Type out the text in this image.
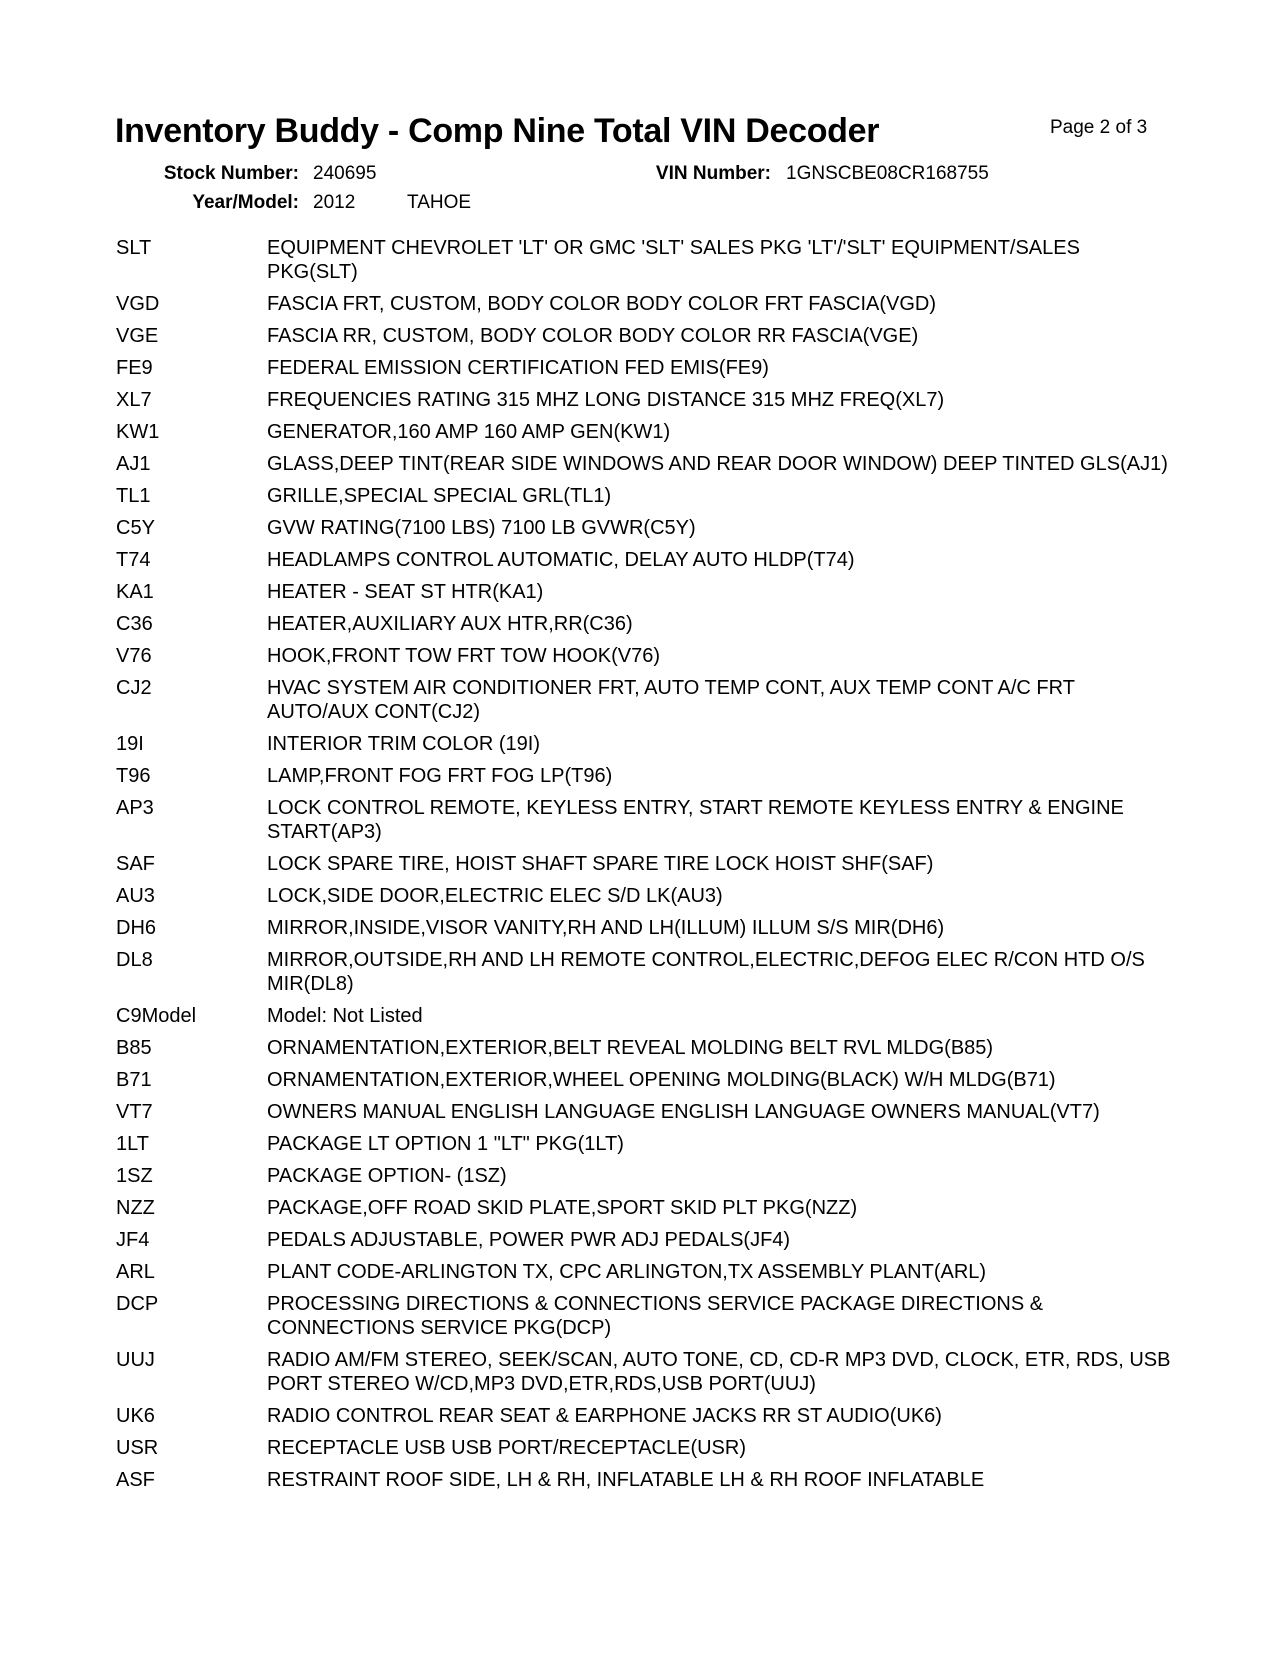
Inventory Buddy - Comp Nine Total VIN Decoder	Page 2 of 3
Stock Number: 240695	VIN Number: 1GNSCBE08CR168755
Year/Model: 2012	TAHOE
SLT	EQUIPMENT CHEVROLET 'LT' OR GMC 'SLT' SALES PKG 'LT'/'SLT' EQUIPMENT/SALES PKG(SLT)
VGD	FASCIA FRT, CUSTOM, BODY COLOR BODY COLOR FRT FASCIA(VGD)
VGE	FASCIA RR, CUSTOM, BODY COLOR BODY COLOR RR FASCIA(VGE)
FE9	FEDERAL EMISSION CERTIFICATION FED EMIS(FE9)
XL7	FREQUENCIES RATING 315 MHZ LONG DISTANCE 315 MHZ FREQ(XL7)
KW1	GENERATOR,160 AMP 160 AMP GEN(KW1)
AJ1	GLASS,DEEP TINT(REAR SIDE WINDOWS AND REAR DOOR WINDOW) DEEP TINTED GLS(AJ1)
TL1	GRILLE,SPECIAL SPECIAL GRL(TL1)
C5Y	GVW RATING(7100 LBS) 7100 LB GVWR(C5Y)
T74	HEADLAMPS CONTROL AUTOMATIC, DELAY AUTO HLDP(T74)
KA1	HEATER - SEAT ST HTR(KA1)
C36	HEATER,AUXILIARY AUX HTR,RR(C36)
V76	HOOK,FRONT TOW FRT TOW HOOK(V76)
CJ2	HVAC SYSTEM AIR CONDITIONER FRT, AUTO TEMP CONT, AUX TEMP CONT A/C FRT AUTO/AUX CONT(CJ2)
19I	INTERIOR TRIM COLOR (19I)
T96	LAMP,FRONT FOG FRT FOG LP(T96)
AP3	LOCK CONTROL REMOTE, KEYLESS ENTRY, START REMOTE KEYLESS ENTRY & ENGINE START(AP3)
SAF	LOCK SPARE TIRE, HOIST SHAFT SPARE TIRE LOCK HOIST SHF(SAF)
AU3	LOCK,SIDE DOOR,ELECTRIC ELEC S/D LK(AU3)
DH6	MIRROR,INSIDE,VISOR VANITY,RH AND LH(ILLUM) ILLUM S/S MIR(DH6)
DL8	MIRROR,OUTSIDE,RH AND LH REMOTE CONTROL,ELECTRIC,DEFOG ELEC R/CON HTD O/S MIR(DL8)
C9Model	Model: Not Listed
B85	ORNAMENTATION,EXTERIOR,BELT REVEAL MOLDING BELT RVL MLDG(B85)
B71	ORNAMENTATION,EXTERIOR,WHEEL OPENING MOLDING(BLACK) W/H MLDG(B71)
VT7	OWNERS MANUAL ENGLISH LANGUAGE ENGLISH LANGUAGE OWNERS MANUAL(VT7)
1LT	PACKAGE LT OPTION 1 "LT" PKG(1LT)
1SZ	PACKAGE OPTION- (1SZ)
NZZ	PACKAGE,OFF ROAD SKID PLATE,SPORT SKID PLT PKG(NZZ)
JF4	PEDALS ADJUSTABLE, POWER PWR ADJ PEDALS(JF4)
ARL	PLANT CODE-ARLINGTON TX, CPC ARLINGTON,TX ASSEMBLY PLANT(ARL)
DCP	PROCESSING DIRECTIONS & CONNECTIONS SERVICE PACKAGE DIRECTIONS & CONNECTIONS SERVICE PKG(DCP)
UUJ	RADIO AM/FM STEREO, SEEK/SCAN, AUTO TONE, CD, CD-R MP3 DVD, CLOCK, ETR, RDS, USB PORT STEREO W/CD,MP3 DVD,ETR,RDS,USB PORT(UUJ)
UK6	RADIO CONTROL REAR SEAT & EARPHONE JACKS RR ST AUDIO(UK6)
USR	RECEPTACLE USB USB PORT/RECEPTACLE(USR)
ASF	RESTRAINT ROOF SIDE, LH & RH, INFLATABLE LH & RH ROOF INFLATABLE
